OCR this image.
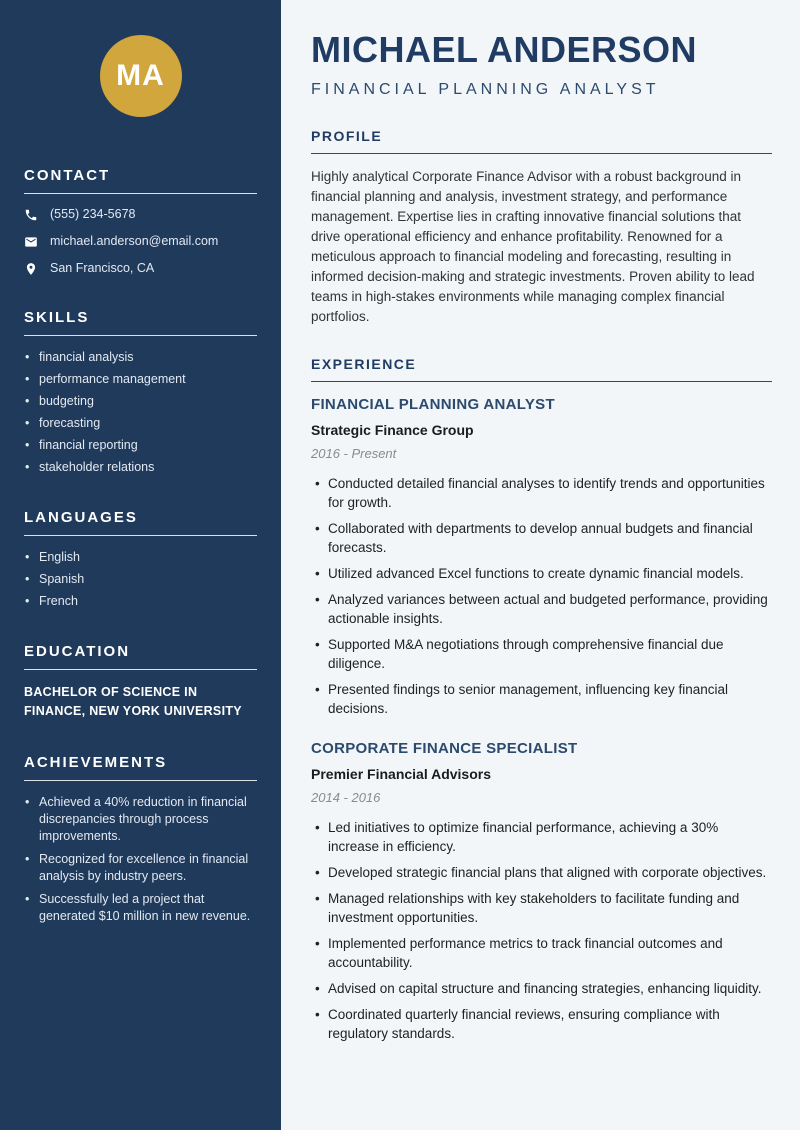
MA
CONTACT
(555) 234-5678
michael.anderson@email.com
San Francisco, CA
SKILLS
• financial analysis
• performance management
• budgeting
• forecasting
• financial reporting
• stakeholder relations
LANGUAGES
• English
• Spanish
• French
EDUCATION

BACHELOR OF SCIENCE IN FINANCE, NEW YORK UNIVERSITY

ACHIEVEMENTS
• Achieved a 40% reduction in financial discrepancies through process improvements.
• Recognized for excellence in financial analysis by industry peers.
• Successfully led a project that generated $10 million in new revenue.
MICHAEL ANDERSON
FINANCIAL PLANNING ANALYST
PROFILE

Highly analytical Corporate Finance Advisor with a robust background in financial planning and analysis, investment strategy, and performance management. Expertise lies in crafting innovative financial solutions that drive operational efficiency and enhance profitability. Renowned for a meticulous approach to financial modeling and forecasting, resulting in informed decision-making and strategic investments. Proven ability to lead teams in high-stakes environments while managing complex financial portfolios.

EXPERIENCE
FINANCIAL PLANNING ANALYST
Strategic Finance Group
2016 - Present
• Conducted detailed financial analyses to identify trends and opportunities for growth.
• Collaborated with departments to develop annual budgets and financial forecasts.
• Utilized advanced Excel functions to create dynamic financial models.
• Analyzed variances between actual and budgeted performance, providing actionable insights.
• Supported M&A negotiations through comprehensive financial due diligence.
• Presented findings to senior management, influencing key financial decisions.
CORPORATE FINANCE SPECIALIST
Premier Financial Advisors
2014 - 2016
• Led initiatives to optimize financial performance, achieving a 30% increase in efficiency.
• Developed strategic financial plans that aligned with corporate objectives.
• Managed relationships with key stakeholders to facilitate funding and investment opportunities.
• Implemented performance metrics to track financial outcomes and accountability.
• Advised on capital structure and financing strategies, enhancing liquidity.
• Coordinated quarterly financial reviews, ensuring compliance with regulatory standards.
